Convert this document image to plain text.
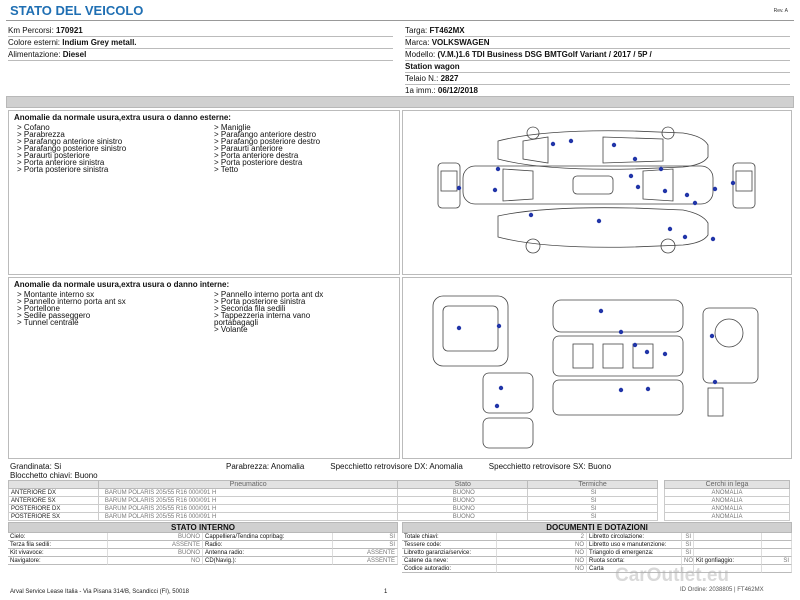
STATO DEL VEICOLO	Rev. A
Km Percorsi: 170921
Colore esterni: Indium Grey metall.
Alimentazione: Diesel
Targa: FT462MX
Marca: VOLKSWAGEN
Modello: (V.M.)1.6 TDI Business DSG BMTGolf Variant / 2017 / 5P /
Station wagon
Telaio N.: 2827
1a imm.: 06/12/2018
Anomalie da normale usura,extra usura o danno esterne:
> Cofano
> Parabrezza
> Parafango anteriore sinistro
> Parafango posteriore sinistro
> Paraurti posteriore
> Porta anteriore sinistra
> Porta posteriore sinistra
> Maniglie
> Parafango anteriore destro
> Parafango posteriore destro
> Paraurti anteriore
> Porta anteriore destra
> Porta posteriore destra
> Tetto
Anomalie da normale usura,extra usura o danno interne:
> Montante interno sx
> Pannello interno porta ant sx
> Portellone
> Sedile passeggero
> Tunnel centrale
> Pannello interno porta ant dx
> Porta posteriore sinistra
> Seconda fila sedili
> Tappezzeria interna vano
portabagagli
> Volante
Grandinata: Si	Parabrezza: Anomalia	Specchietto retrovisore DX: Anomalia	Specchietto retrovisore SX: Buono
Blocchetto chiavi: Buono
	Pneumatico	Stato	Termiche
ANTERIORE DX	BARUM POLARIS 205/55 R16 000/091 H	BUONO	SI
ANTERIORE SX	BARUM POLARIS 205/55 R16 000/091 H	BUONO	SI
POSTERIORE DX	BARUM POLARIS 205/55 R16 000/091 H	BUONO	SI
POSTERIORE SX	BARUM POLARIS 205/55 R16 000/091 H	BUONO	SI
Cerchi in lega
ANOMALIA
ANOMALIA
ANOMALIA
ANOMALIA
STATO INTERNO
Cielo:	BUONO Cappelliera/Tendina copribag:	SI
Terza fila sedili:	ASSENTE Radio:	SI
Kit vivavoce:	BUONO Antenna radio:	ASSENTE
Navigatore:	NO CD(Navig.):	ASSENTE
DOCUMENTI E DOTAZIONI
Totale chiavi:	2 Libretto circolazione:	SI
Tessere code:	NO Libretto uso e manutenzione:	SI
Libretto garanzia/service:	NO Triangolo di emergenza:	SI
Catene da neve:	NO Ruota scorta:	NO Kit gonfiaggio:	SI
Codice autoradio:	NO Carta
Arval Service Lease Italia - Via Pisana 314/B, Scandicci (FI), 50018	1	ID Ordine: 2038805 | FT462MX
CarOutlet.eu
